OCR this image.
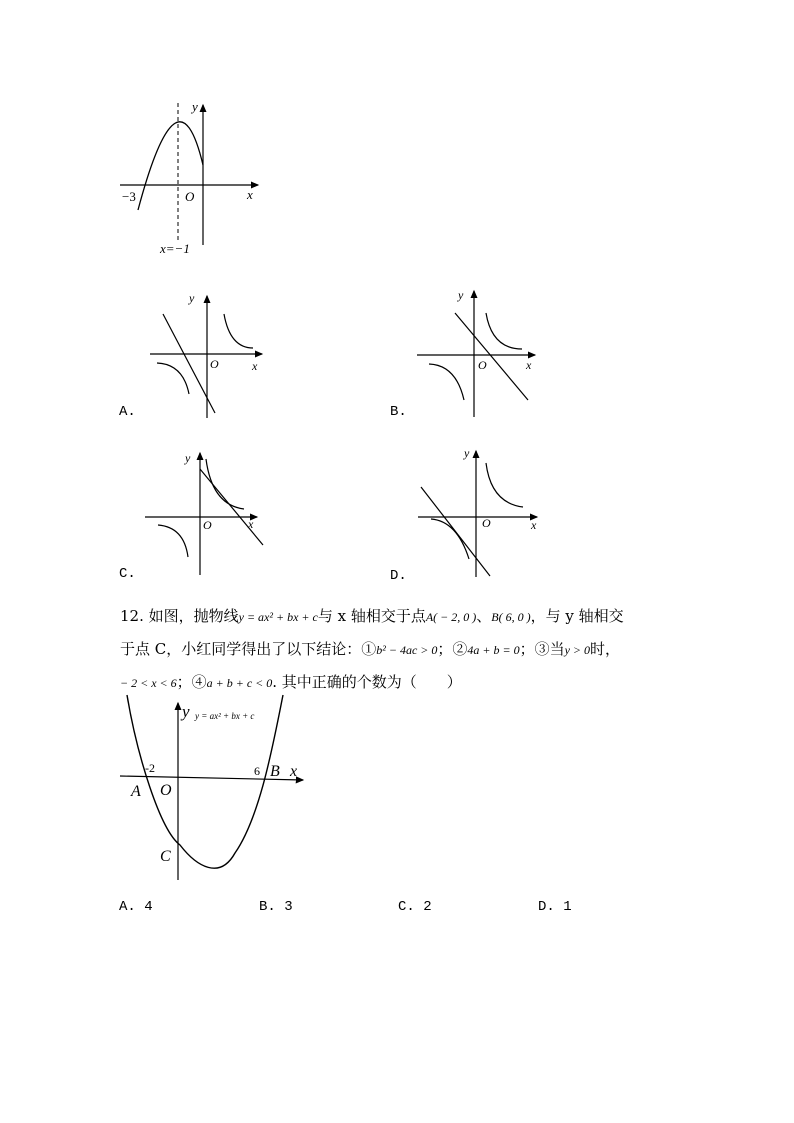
y
x
O
−3
x=−1
y
x
O
A.
y
x
O
B.
y
x
O
C.
y
x
O
D.
12. 如图，抛物线y = ax² + bx + c与 x 轴相交于点A( − 2, 0 )、B( 6, 0 )，与 y 轴相交
于点 C，小红同学得出了以下结论：①b² − 4ac > 0；②4a + b = 0；③当y > 0时，
− 2 < x < 6；④a + b + c < 0. 其中正确的个数为（　　）
y y = ax² + bx + c
x
-2	6 B
A O
C
A. 4	B. 3	C. 2	D. 1
